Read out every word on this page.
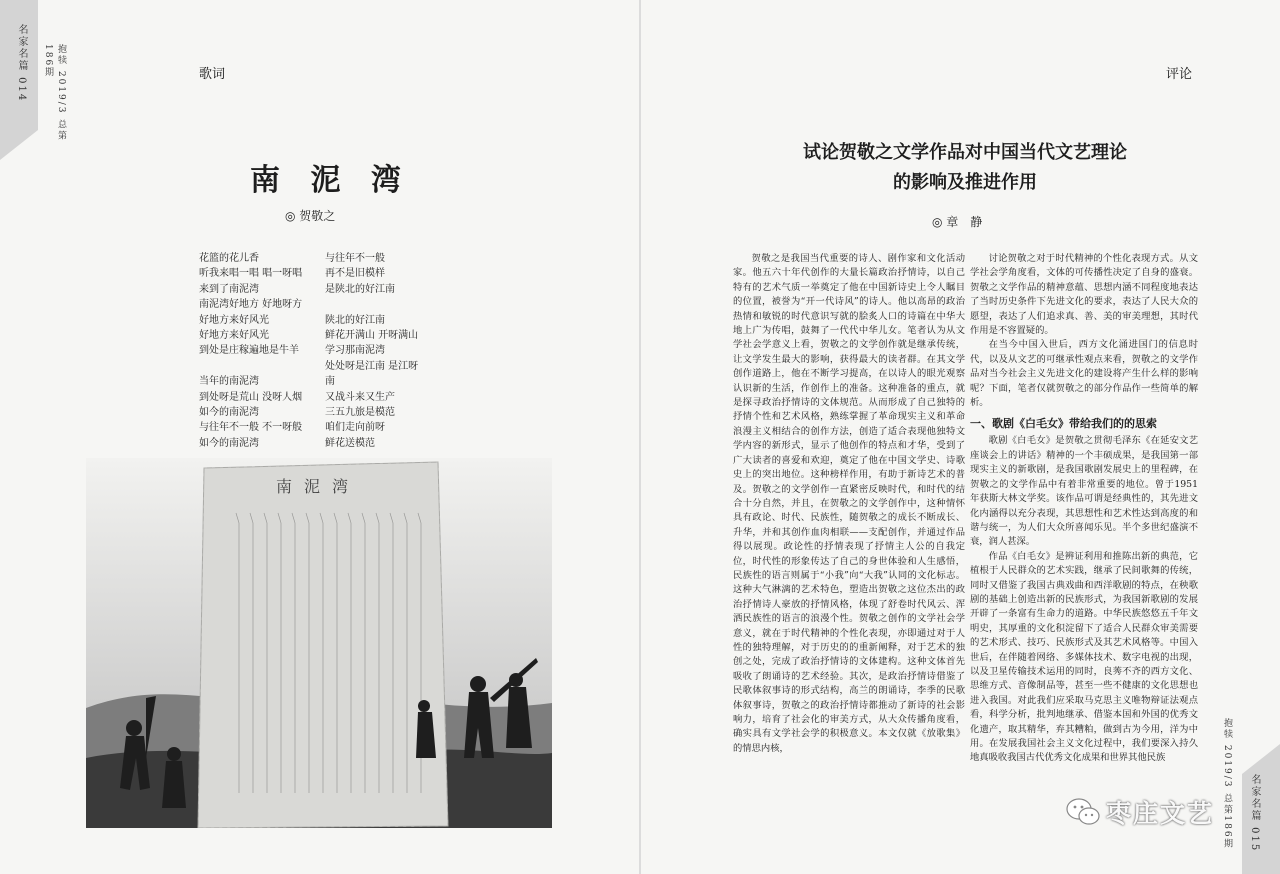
名家名篇 014	抱犊 2019/3 总第186期	歌词
南 泥 湾
◎ 贺敬之
花篮的花儿香
听我来唱一唱 唱一呀唱
来到了南泥湾
南泥湾好地方 好地呀方
好地方来好风光
好地方来好风光
到处是庄稼遍地是牛羊

当年的南泥湾
到处呀是荒山 没呀人烟
如今的南泥湾
与往年不一般 不一呀般
如今的南泥湾
与往年不一般
再不是旧模样
是陕北的好江南

陕北的好江南
鲜花开满山 开呀满山
学习那南泥湾
处处呀是江南 是江呀
南
又战斗来又生产
三五九旅是模范
咱们走向前呀
鲜花送模范
南泥湾
评论
试论贺敬之文学作品对中国当代文艺理论
的影响及推进作用
◎ 章　静

贺敬之是我国当代重要的诗人、剧作家和文化活动家。他五六十年代创作的大量长篇政治抒情诗，以自己特有的艺术气质一举奠定了他在中国新诗史上令人瞩目的位置，被誉为“开一代诗风”的诗人。他以高昂的政治热情和敏锐的时代意识写就的脍炙人口的诗篇在中华大地上广为传唱，鼓舞了一代代中华儿女。笔者认为从文学社会学意义上看，贺敬之的文学创作就是继承传统，让文学发生最大的影响，获得最大的读者群。在其文学创作道路上，他在不断学习提高，在以诗人的眼光观察认识新的生活，作创作上的准备。这种准备的重点，就是探寻政治抒情诗的文体规范。从而形成了自己独特的抒情个性和艺术风格，熟练掌握了革命现实主义和革命浪漫主义相结合的创作方法，创造了适合表现他独特文学内容的新形式，显示了他创作的特点和才华，受到了广大读者的喜爱和欢迎，奠定了他在中国文学史、诗歌史上的突出地位。这种榜样作用，有助于新诗艺术的普及。贺敬之的文学创作一直紧密反映时代，和时代的结合十分自然，并且，在贺敬之的文学创作中，这种情怀具有政论、时代、民族性，随贺敬之的成长不断成长、升华，并和其创作血肉相联——支配创作，并通过作品得以展现。政论性的抒情表现了抒情主人公的自我定位，时代性的形象传达了自己的身世体验和人生感悟，民族性的语言则属于“小我”向“大我”认同的文化标志。这种大气淋漓的艺术特色，塑造出贺敬之这位杰出的政治抒情诗人豪放的抒情风格，体现了舒卷时代风云、浑洒民族性的语言的浪漫个性。贺敬之创作的文学社会学意义，就在于时代精神的个性化表现，亦即通过对于人性的独特理解，对于历史的的重新阐释，对于艺术的独创之处，完成了政治抒情诗的文体建构。这种文体首先吸收了朗诵诗的艺术经验。其次，是政治抒情诗借鉴了民歌体叙事诗的形式结构，高兰的朗诵诗，李季的民歌体叙事诗，贺敬之的政治抒情诗都推动了新诗的社会影响力，培育了社会化的审美方式，从大众传播角度看，确实具有文学社会学的积极意义。本文仅就《放歌集》的情思内核，

讨论贺敬之对于时代精神的个性化表现方式。从文学社会学角度看，文体的可传播性决定了自身的盛衰。贺敬之文学作品的精神意蕴、思想内涵不同程度地表达了当时历史条件下先进文化的要求，表达了人民大众的愿望，表达了人们追求真、善、美的审美理想，其时代作用是不容置疑的。

在当今中国入世后，西方文化涌进国门的信息时代，以及从文艺的可继承性观点来看，贺敬之的文学作品对当今社会主义先进文化的建设将产生什么样的影响呢？下面，笔者仅就贺敬之的部分作品作一些简单的解析。

一、歌剧《白毛女》带给我们的的思索

歌剧《白毛女》是贺敬之贯彻毛泽东《在延安文艺座谈会上的讲话》精神的一个丰硕成果，是我国第一部现实主义的新歌剧，是我国歌剧发展史上的里程碑，在贺敬之的文学作品中有着非常重要的地位。曾于1951年获斯大林文学奖。该作品可谓是经典性的，其先进文化内涵得以充分表现，其思想性和艺术性达到高度的和谐与统一，为人们大众所喜闻乐见。半个多世纪盛演不衰，润人甚深。

作品《白毛女》是辨证利用和推陈出新的典范，它植根于人民群众的艺术实践，继承了民间歌舞的传统，同时又借鉴了我国古典戏曲和西洋歌剧的特点，在秧歌剧的基础上创造出新的民族形式，为我国新歌剧的发展开辟了一条富有生命力的道路。中华民族悠悠五千年文明史，其厚重的文化积淀留下了适合人民群众审美需要的艺术形式、技巧、民族形式及其艺术风格等。中国入世后，在伴随着网络、多媒体技术、数字电视的出现，以及卫星传输技术运用的同时，良莠不齐的西方文化、思维方式、音像制品等，甚至一些不健康的文化思想也进入我国。对此我们应采取马克思主义唯物辩证法观点看，科学分析，批判地继承、借鉴本国和外国的优秀文化遗产，取其精华，弃其糟粕，做到古为今用，洋为中用。在发展我国社会主义文化过程中，我们要深入持久地真吸收我国古代优秀文化成果和世界其他民族	抱犊 2019/3 总第186期 名家名篇 015
枣庄文艺
